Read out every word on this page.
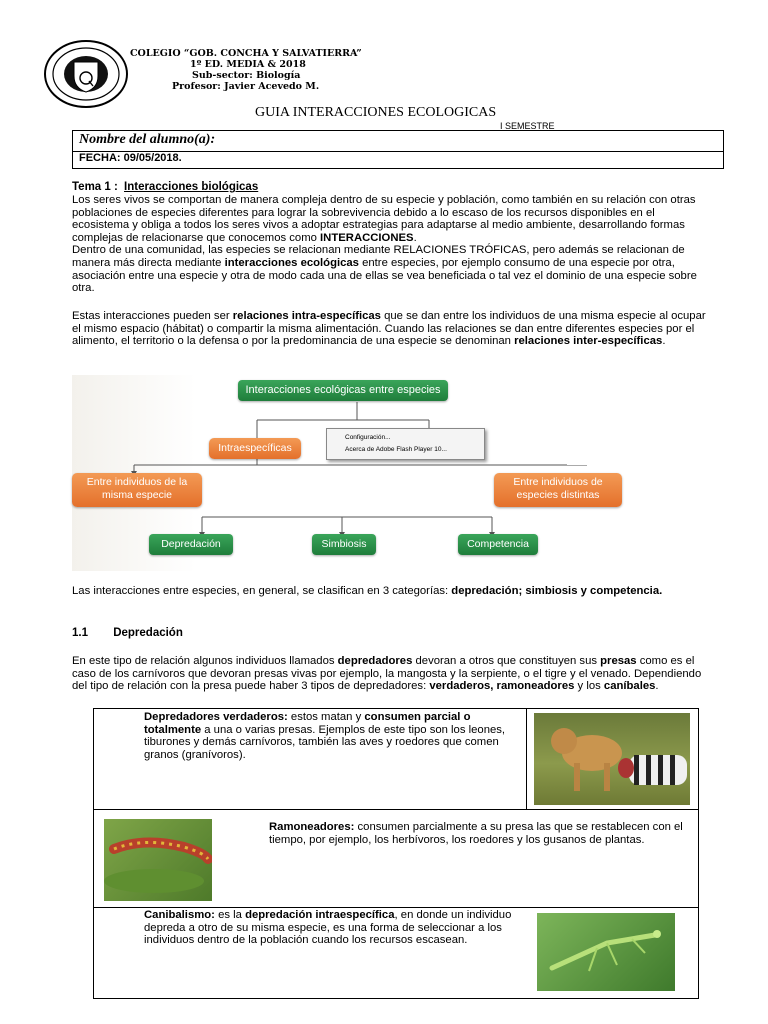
COLEGIO “GOB. CONCHA Y SALVATIERRA”
1º ED. MEDIA & 2018
Sub-sector: Biología
Profesor: Javier Acevedo M.
GUIA INTERACCIONES ECOLOGICAS
I SEMESTRE
Nombre del alumno(a):
FECHA: 09/05/2018.
Tema 1 : Interacciones biológicas

Los seres vivos se comportan de manera compleja dentro de su especie y población, como también en su relación con otras poblaciones de especies diferentes para lograr la sobrevivencia debido a lo escaso de los recursos disponibles en el ecosistema y obliga a todos los seres vivos a adoptar estrategias para adaptarse al medio ambiente, desarrollando formas complejas de relacionarse que conocemos como INTERACCIONES.
Dentro de una comunidad, las especies se relacionan mediante RELACIONES TRÓFICAS, pero además se relacionan de manera más directa mediante interacciones ecológicas entre especies, por ejemplo consumo de una especie por otra, asociación entre una especie y otra de modo cada una de ellas se vea beneficiada o tal vez el dominio de una especie sobre otra.

Estas interacciones pueden ser relaciones intra-específicas que se dan entre los individuos de una misma especie al ocupar el mismo espacio (hábitat) o compartir la misma alimentación. Cuando las relaciones se dan entre diferentes especies por el alimento, el territorio o la defensa o por la predominancia de una especie se denominan relaciones inter-específicas.

Interacciones ecológicas entre especies
Intraespecíficas
Entre individuos de la
misma especie
Entre individuos de
especies distintas
Depredación	Simbiosis	Competencia
Configuración...
Acerca de Adobe Flash Player 10...

Las interacciones entre especies, en general, se clasifican en 3 categorías: depredación; simbiosis y competencia.

1.1 Depredación

En este tipo de relación algunos individuos llamados depredadores devoran a otros que constituyen sus presas como es el caso de los carnívoros que devoran presas vivas por ejemplo, la mangosta y la serpiente, o el tigre y el venado. Dependiendo del tipo de relación con la presa puede haber 3 tipos de depredadores: verdaderos, ramoneadores y los caníbales.

Depredadores verdaderos: estos matan y consumen parcial o totalmente a una o varias presas. Ejemplos de este tipo son los leones, tiburones y demás carnívoros, también las aves y roedores que comen granos (granívoros).
Ramoneadores: consumen parcialmente a su presa las que se restablecen con el tiempo, por ejemplo, los herbívoros, los roedores y los gusanos de plantas.
Canibalismo: es la depredación intraespecífica, en donde un individuo depreda a otro de su misma especie, es una forma de seleccionar a los individuos dentro de la población cuando los recursos escasean.
